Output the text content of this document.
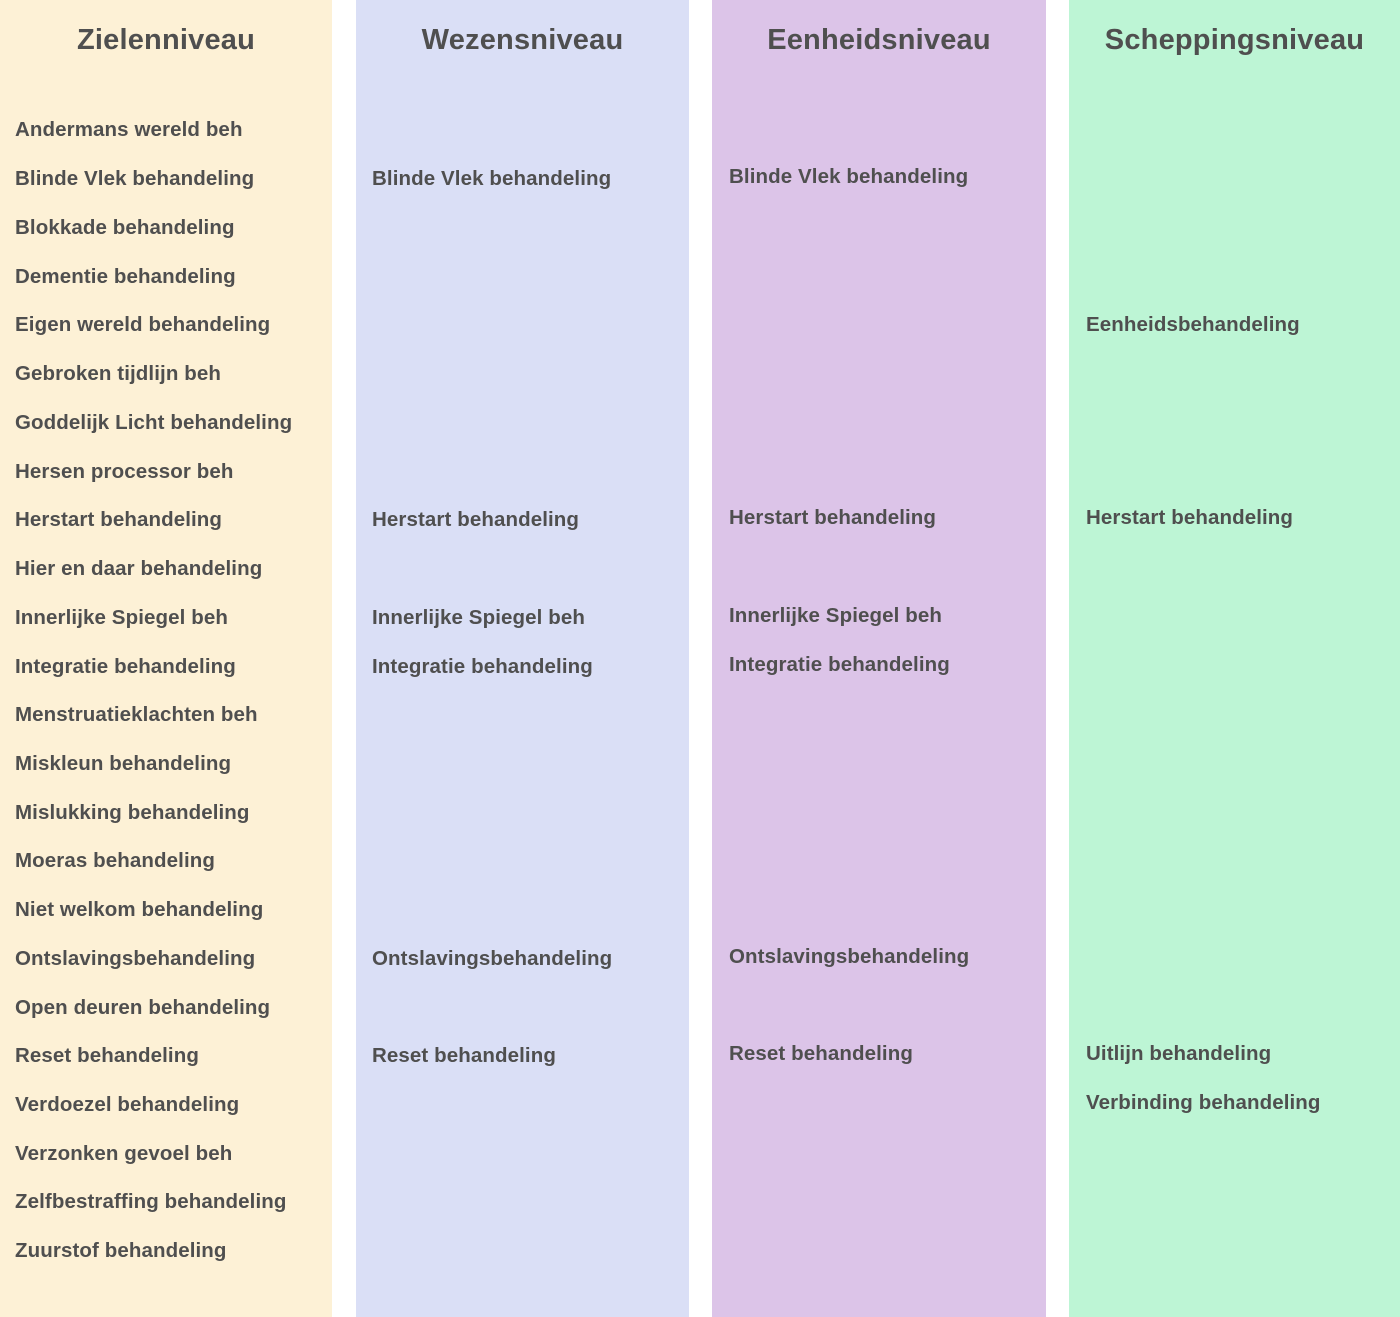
Zielenniveau
Andermans wereld beh
Blinde Vlek behandeling
Blokkade behandeling
Dementie behandeling
Eigen wereld behandeling
Gebroken tijdlijn beh
Goddelijk Licht behandeling
Hersen processor beh
Herstart behandeling
Hier en daar behandeling
Innerlijke Spiegel beh
Integratie behandeling
Menstruatieklachten beh
Miskleun behandeling
Mislukking behandeling
Moeras behandeling
Niet welkom behandeling
Ontslavingsbehandeling
Open deuren behandeling
Reset behandeling
Verdoezel behandeling
Verzonken gevoel beh
Zelfbestraffing behandeling
Zuurstof behandeling
Wezensniveau
Blinde Vlek behandeling
Herstart behandeling
Innerlijke Spiegel beh
Integratie behandeling
Ontslavingsbehandeling
Reset behandeling
Eenheidsniveau
Blinde Vlek behandeling
Herstart behandeling
Innerlijke Spiegel beh
Integratie behandeling
Ontslavingsbehandeling
Reset behandeling
Scheppingsniveau
Eenheidsbehandeling
Herstart behandeling
Uitlijn behandeling
Verbinding behandeling
